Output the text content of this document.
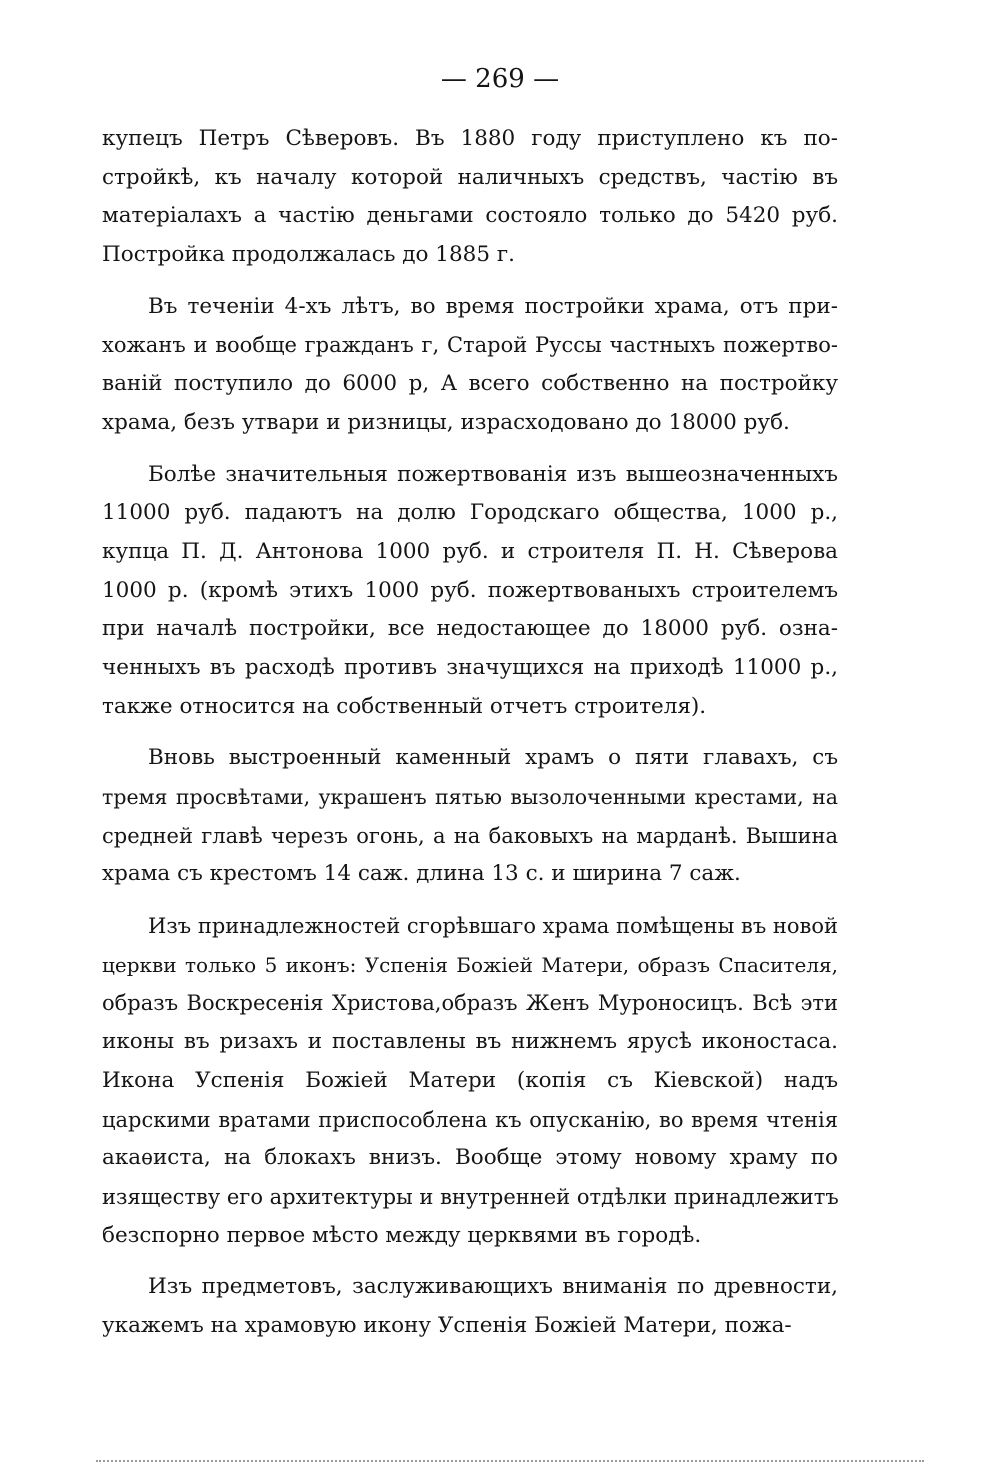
— 269 —

купецъ Петръ Сѣверовъ. Въ 1880 году приступлено къ по-
стройкѣ, къ началу которой наличныхъ средствъ, частію въ
матеріалахъ а частію деньгами состояло только до 5420 руб.
Постройка продолжалась до 1885 г.

Въ теченіи 4-хъ лѣтъ, во время постройки храма, отъ при-
хожанъ и вообще гражданъ г, Старой Руссы частныхъ пожертво-
ваній поступило до 6000 р, А всего собственно на постройку
храма, безъ утвари и ризницы, израсходовано до 18000 руб.

Болѣе значительныя пожертвованія изъ вышеозначенныхъ
11000 руб. падаютъ на долю Городскаго общества, 1000 р.,
купца П. Д. Антонова 1000 руб. и строителя П. Н. Сѣверова
1000 р. (кромѣ этихъ 1000 руб. пожертвованыхъ строителемъ
при началѣ постройки, все недостающее до 18000 руб. озна-
ченныхъ въ расходѣ противъ значущихся на приходѣ 11000 р.,
также относится на собственный отчетъ строителя).

Вновь выстроенный каменный храмъ о пяти главахъ, съ
тремя просвѣтами, украшенъ пятью вызолоченными крестами, на
средней главѣ черезъ огонь, а на баковыхъ на марданѣ. Вышина
храма съ крестомъ 14 саж. длина 13 с. и ширина 7 саж.

Изъ принадлежностей сгорѣвшаго храма помѣщены въ новой
церкви только 5 иконъ: Успенія Божіей Матери, образъ Спасителя,
образъ Воскресенія Христова,образъ Женъ Муроносицъ. Всѣ эти
иконы въ ризахъ и поставлены въ нижнемъ ярусѣ иконостаса.
Икона Успенія Божіей Матери (копія съ Кіевской) надъ
царскими вратами приспособлена къ опусканію, во время чтенія
акаѳиста, на блокахъ внизъ. Вообще этому новому храму по
изяществу его архитектуры и внутренней отдѣлки принадлежитъ
безспорно первое мѣсто между церквями въ городѣ.

Изъ предметовъ, заслуживающихъ вниманія по древности,
укажемъ на храмовую икону Успенія Божіей Матери, пожа-
